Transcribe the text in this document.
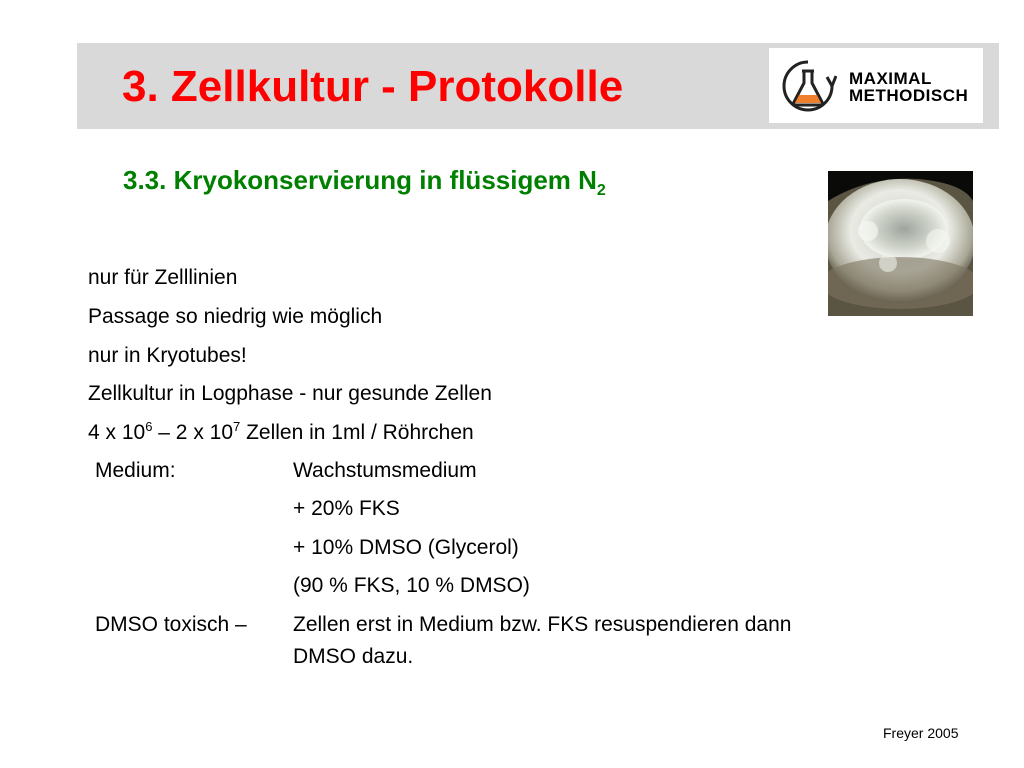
3. Zellkultur - Protokolle	MAXIMAL
METHODISCH
3.3. Kryokonservierung in flüssigem $N_2$
nur für Zelllinien
Passage so niedrig wie möglich
nur in Kryotubes!
Zellkultur in Logphase - nur gesunde Zellen
4 x $10^6 - 2$ x $10^7$ Zellen in 1ml / Röhrchen
Medium:	Wachstumsmedium
+ 20% FKS
+ 10% DMSO (Glycerol)
(90 % FKS, 10 % DMSO)
DMSO toxisch – Zellen erst in Medium bzw. FKS resuspendieren dann
DMSO dazu.
Freyer 2005
